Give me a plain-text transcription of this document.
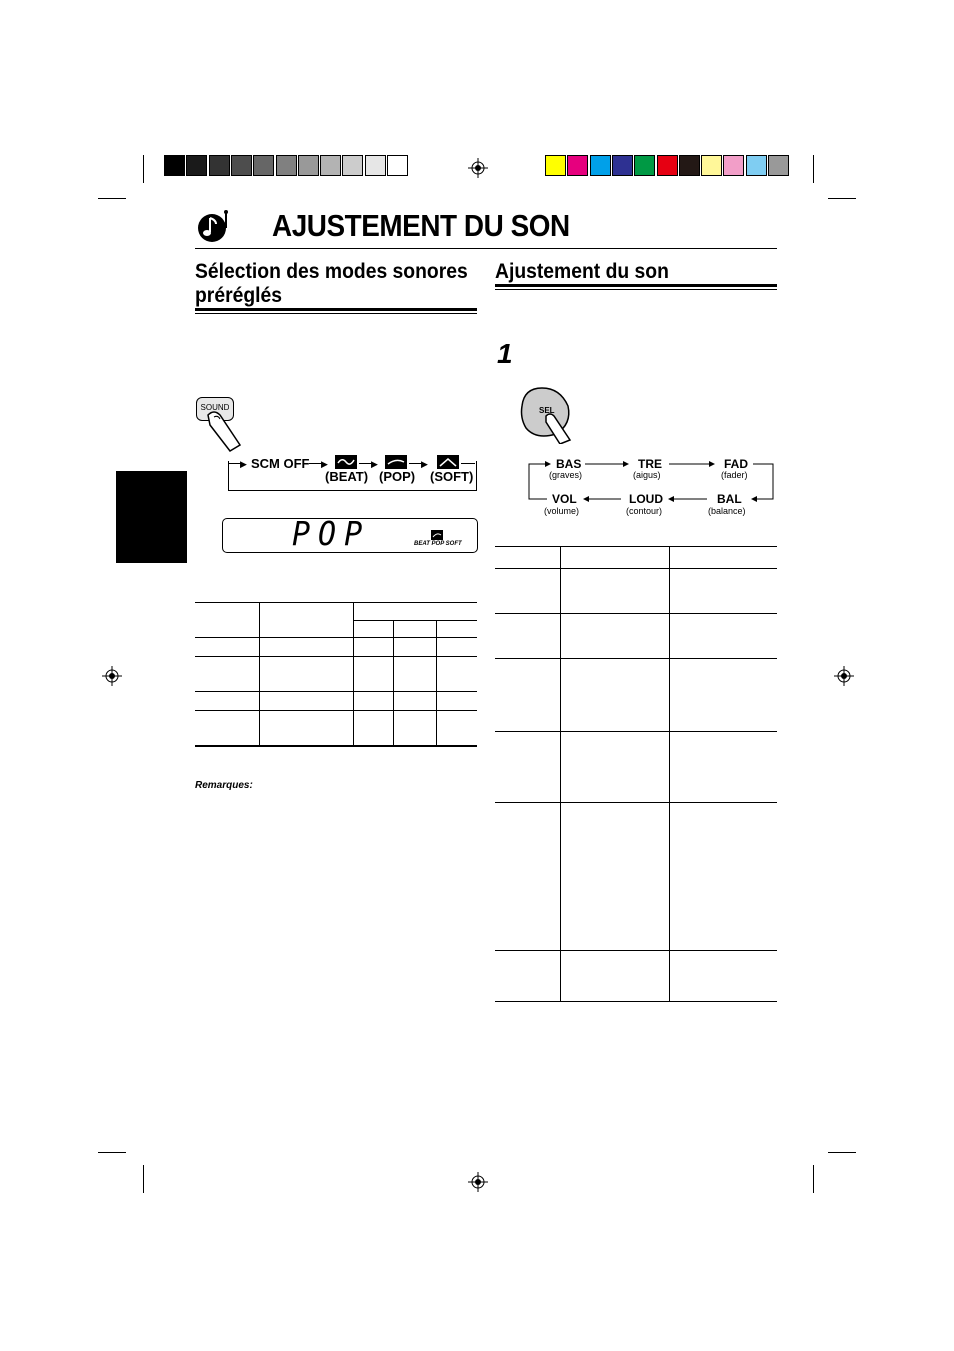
AJUSTEMENT DU SON
Sélection des modes sonores préréglés
SOUND
▶ SCM OFF ▶	▶	▶
(BEAT) (POP) (SOFT)
POP	BEAT POP SOFT
Remarques:
Ajustement du son
1
SEL
BAS
(graves)
TRE
(aigus)
FAD
(fader)
VOL
(volume)
LOUD
(contour)
BAL
(balance)
